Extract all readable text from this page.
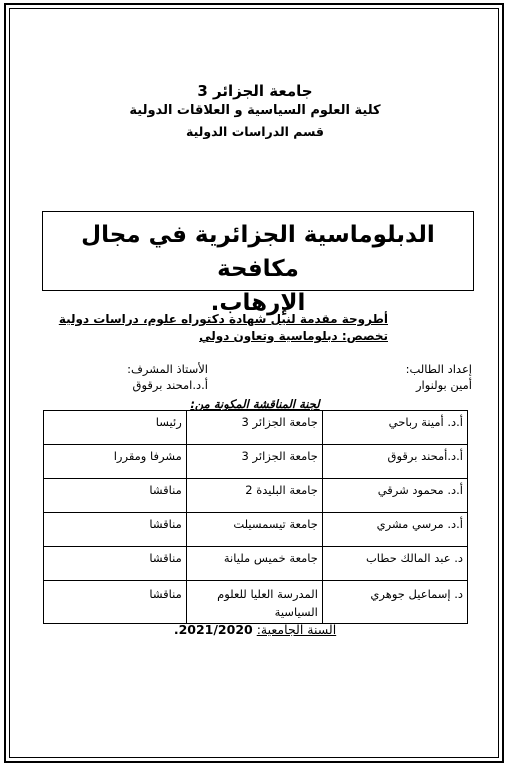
جامعة الجزائر 3
كلية العلوم السياسية و العلاقات الدولية
قسم الدراسات الدولية
الدبلوماسية الجزائرية في مجال مكافحة
الإرهاب.
أطروحة مقدمة لنيل شهادة دكتوراه علوم، دراسات دولية
تخصص: دبلوماسية وتعاون دولي
إعداد الطالب:
الأستاذ المشرف:
أمين بولنوار
أ.د.امحند برقوق
لجنة المناقشة المكونة من:
أ.د. أمينة رباحي	جامعة الجزائر 3	رئيسا
أ.د.أمحند برقوق	جامعة الجزائر 3	مشرفا ومقررا
أ.د. محمود شرقي	جامعة البليدة 2	مناقشا
أ.د. مرسي مشري	جامعة تيسمسيلت	مناقشا
د. عبد المالك حطاب	جامعة خميس مليانة	مناقشا
د. إسماعيل جوهري	المدرسة العليا للعلوم السياسية	مناقشا
السنة الجامعية: 2021/2020.
